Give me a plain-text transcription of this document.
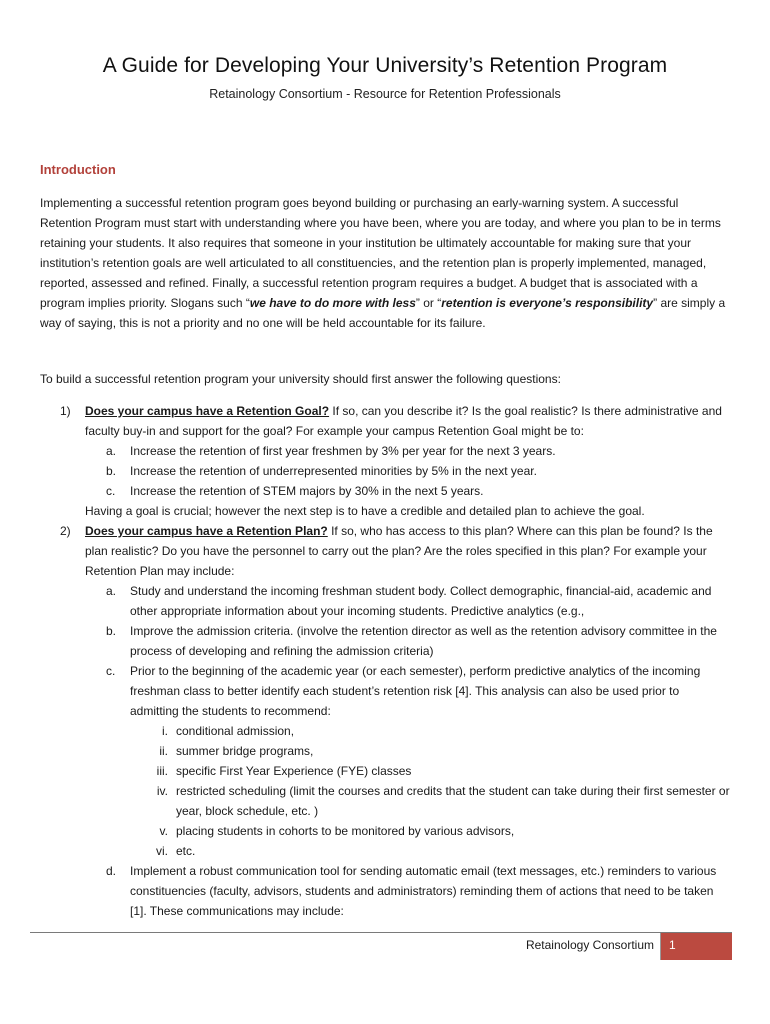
A Guide for Developing Your University’s Retention Program
Retainology Consortium - Resource for Retention Professionals
Introduction
Implementing a successful retention program goes beyond building or purchasing an early-warning system. A successful Retention Program must start with understanding where you have been, where you are today, and where you plan to be in terms retaining your students. It also requires that someone in your institution be ultimately accountable for making sure that your institution’s retention goals are well articulated to all constituencies, and the retention plan is properly implemented, managed, reported, assessed and refined. Finally, a successful retention program requires a budget. A budget that is associated with a program implies priority. Slogans such “we have to do more with less” or “retention is everyone’s responsibility” are simply a way of saying, this is not a priority and no one will be held accountable for its failure.
To build a successful retention program your university should first answer the following questions:
1) Does your campus have a Retention Goal? If so, can you describe it? Is the goal realistic? Is there administrative and faculty buy-in and support for the goal? For example your campus Retention Goal might be to:
a. Increase the retention of first year freshmen by 3% per year for the next 3 years.
b. Increase the retention of underrepresented minorities by 5% in the next year.
c. Increase the retention of STEM majors by 30% in the next 5 years.
Having a goal is crucial; however the next step is to have a credible and detailed plan to achieve the goal.
2) Does your campus have a Retention Plan? If so, who has access to this plan? Where can this plan be found? Is the plan realistic? Do you have the personnel to carry out the plan? Are the roles specified in this plan? For example your Retention Plan may include:
a. Study and understand the incoming freshman student body. Collect demographic, financial-aid, academic and other appropriate information about your incoming students. Predictive analytics (e.g.,
b. Improve the admission criteria. (involve the retention director as well as the retention advisory committee in the process of developing and refining the admission criteria)
c. Prior to the beginning of the academic year (or each semester), perform predictive analytics of the incoming freshman class to better identify each student’s retention risk [4]. This analysis can also be used prior to admitting the students to recommend:
i. conditional admission,
ii. summer bridge programs,
iii. specific First Year Experience (FYE) classes
iv. restricted scheduling (limit the courses and credits that the student can take during their first semester or year, block schedule, etc. )
v. placing students in cohorts to be monitored by various advisors,
vi. etc.
d. Implement a robust communication tool for sending automatic email (text messages, etc.) reminders to various constituencies (faculty, advisors, students and administrators) reminding them of actions that need to be taken [1]. These communications may include:
Retainology Consortium 1
